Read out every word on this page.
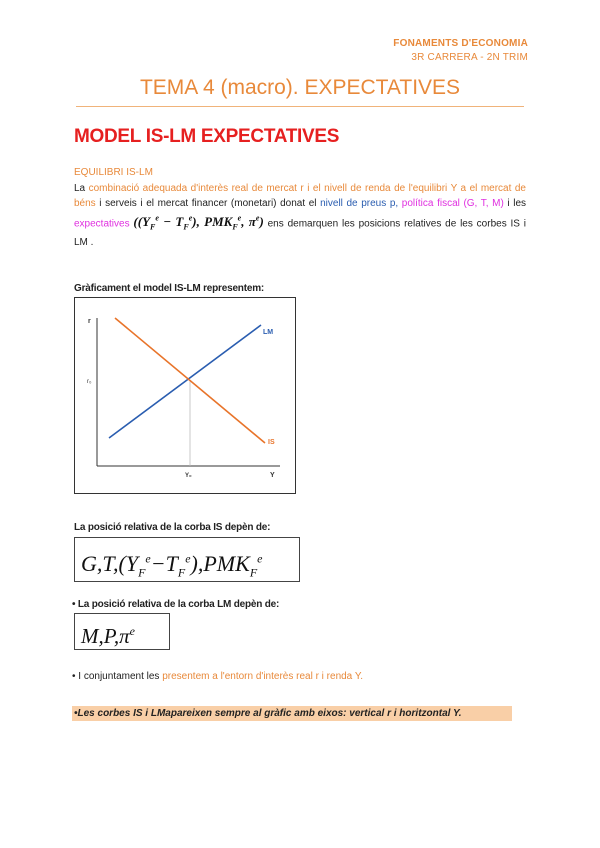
FONAMENTS D'ECONOMIA
3R CARRERA - 2N TRIM
TEMA 4 (macro). EXPECTATIVES
MODEL IS-LM EXPECTATIVES
EQUILIBRI IS-LM
La combinació adequada d'interès real de mercat r i el nivell de renda de l'equilibri Y a el mercat de béns i serveis i el mercat financer (monetari) donat el nivell de preus p, política fiscal (G, T, M) i les expectatives ($(Y_F^e - T_F^e)$, $PMK_F^e$, $\pi^e$) ens demarquen les posicions relatives de les corbes IS i LM .
Gràficament el model IS-LM representem:
r
r₀
Y₀	Y
LM
IS
La posició relativa de la corba IS depèn de:
$G,T,(Y_F^e-T_F^e),PMK_F^e$
• La posició relativa de la corba LM depèn de:
$M,P,\pi^e$
• I conjuntament les presentem a l'entorn d'interès real r i renda Y.
•Les corbes IS i LMapareixen sempre al gràfic amb eixos: vertical r i horitzontal Y.
